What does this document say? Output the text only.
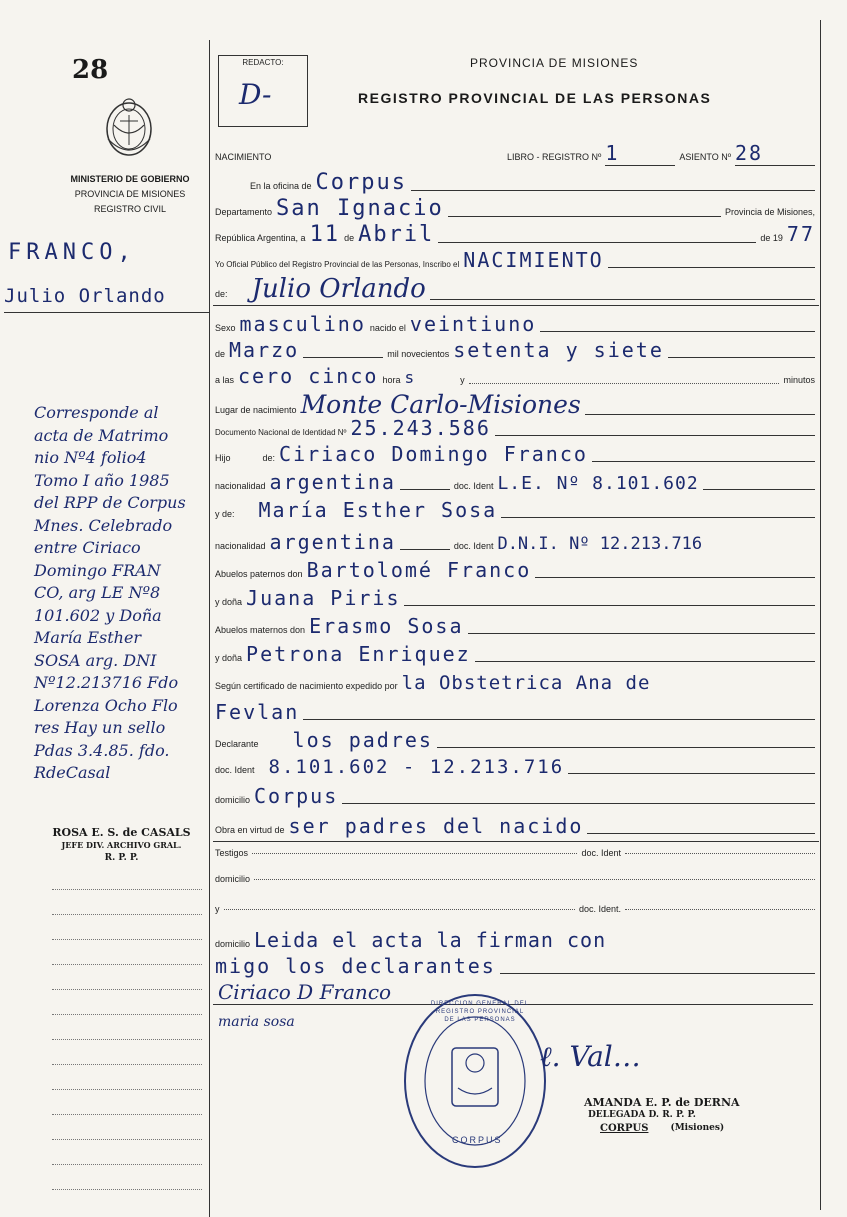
28
MINISTERIO DE GOBIERNO
PROVINCIA DE MISIONES
REGISTRO CIVIL
FRANCO,
Julio Orlando
Corresponde al
acta de Matrimo
nio Nº4 folio4
Tomo I año 1985
del RPP de Corpus
Mnes. Celebrado
entre Ciriaco
Domingo FRAN
CO, arg LE Nº8
101.602 y Doña
María Esther
SOSA arg. DNI
Nº12.213716 Fdo
Lorenza Ocho Flo
res Hay un sello
Pdas 3.4.85. fdo.
RdeCasal
ROSA E. S. de CASALS
JEFE DIV. ARCHIVO GRAL.
R. P. P.
REDACTO:
D-
PROVINCIA DE MISIONES
REGISTRO PROVINCIAL DE LAS PERSONAS
NACIMIENTO	LIBRO - REGISTRO Nº 1	ASIENTO Nº 28
En la oficina de Corpus
Departamento San Ignacio	Provincia de Misiones,
República Argentina, a 11 de Abril	de 19 77
Yo Oficial Público del Registro Provincial de las Personas, Inscribo el NACIMIENTO
de: Julio Orlando
Sexo masculino nacido el veintiuno
de Marzo	mil novecientos setenta y siete
a las cero cinco hora s	y	minutos
Lugar de nacimiento Monte Carlo-Misiones
Documento Nacional de Identidad Nº 25.243.586
Hijo	de: Ciriaco Domingo Franco
nacionalidad argentina	doc. Ident L.E. Nº 8.101.602
y de: María Esther Sosa
nacionalidad argentina	doc. Ident D.N.I. Nº 12.213.716
Abuelos paternos don Bartolomé Franco
y doña Juana Piris
Abuelos maternos don Erasmo Sosa
y doña Petrona Enriquez
Según certificado de nacimiento expedido por la Obstetrica Ana de
Fevlan
Declarante los padres
doc. Ident 8.101.602 - 12.213.716
domicilio Corpus
Obra en virtud de ser padres del nacido
Testigos	doc. Ident
domicilio
y	doc. Ident.
domicilio Leida el acta la firman con
migo los declarantes
Ciriaco D Franco
maria sosa
DIRECCION GENERAL DEL REGISTRO PROVINCIAL DE LAS PERSONAS
CORPUS
ℓ. Val…
AMANDA E. P. de DERNA
DELEGADA D. R. P. P.
CORPUS (Misiones)
